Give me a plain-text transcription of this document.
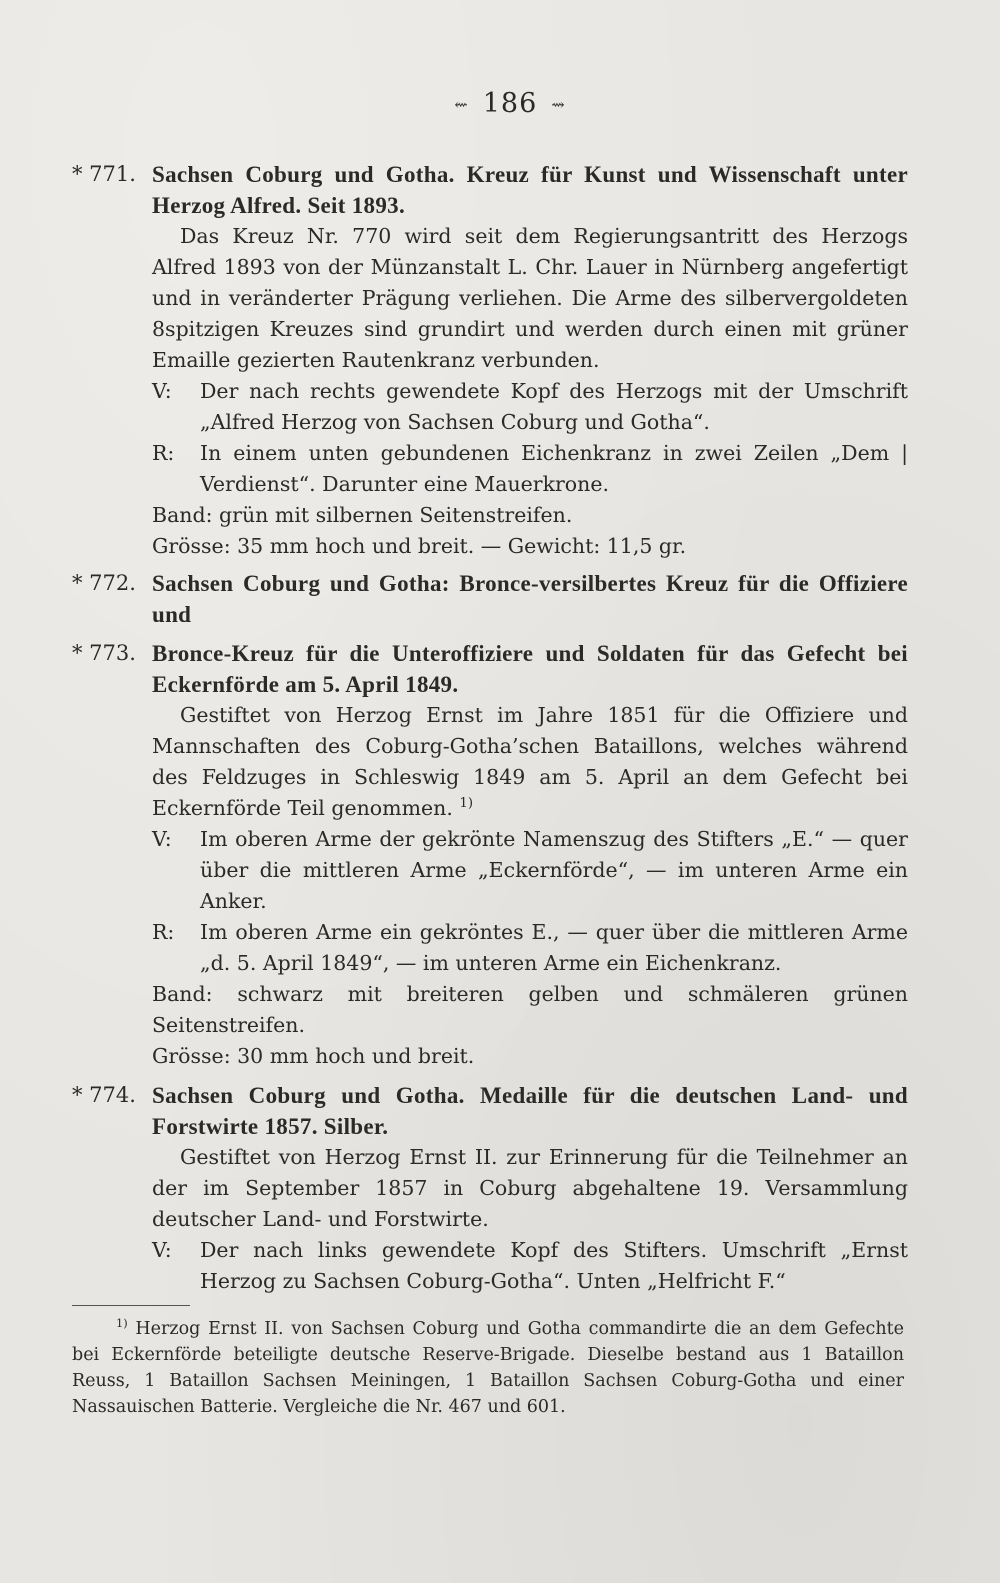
⇜ 186 ⇝
* 771. Sachsen Coburg und Gotha. Kreuz für Kunst und Wissenschaft unter Herzog Alfred. Seit 1893.

Das Kreuz Nr. 770 wird seit dem Regierungsantritt des Herzogs Alfred 1893 von der Münzanstalt L. Chr. Lauer in Nürnberg angefertigt und in veränderter Prägung verliehen. Die Arme des silbervergoldeten 8spitzigen Kreuzes sind grundirt und werden durch einen mit grüner Emaille gezierten Rautenkranz verbunden.

V: Der nach rechts gewendete Kopf des Herzogs mit der Umschrift „Alfred Herzog von Sachsen Coburg und Gotha“.
R: In einem unten gebundenen Eichenkranz in zwei Zeilen „Dem | Verdienst“. Darunter eine Mauerkrone.
Band: grün mit silbernen Seitenstreifen.
Grösse: 35 mm hoch und breit. — Gewicht: 11,5 gr.
* 772. Sachsen Coburg und Gotha: Bronce-versilbertes Kreuz für die Offiziere und
* 773. Bronce-Kreuz für die Unteroffiziere und Soldaten für das Gefecht bei Eckernförde am 5. April 1849.

Gestiftet von Herzog Ernst im Jahre 1851 für die Offiziere und Mannschaften des Coburg-Gotha’schen Bataillons, welches während des Feldzuges in Schleswig 1849 am 5. April an dem Gefecht bei Eckernförde Teil genommen. $^{1)}$

V: Im oberen Arme der gekrönte Namenszug des Stifters „E.“ — quer über die mittleren Arme „Eckernförde“, — im unteren Arme ein Anker.
R: Im oberen Arme ein gekröntes E., — quer über die mittleren Arme „d. 5. April 1849“, — im unteren Arme ein Eichenkranz.
Band: schwarz mit breiteren gelben und schmäleren grünen Seitenstreifen.
Grösse: 30 mm hoch und breit.
* 774. Sachsen Coburg und Gotha. Medaille für die deutschen Land- und Forstwirte 1857. Silber.

Gestiftet von Herzog Ernst II. zur Erinnerung für die Teilnehmer an der im September 1857 in Coburg abgehaltene 19. Versammlung deutscher Land- und Forstwirte.

V: Der nach links gewendete Kopf des Stifters. Umschrift „Ernst Herzog zu Sachsen Coburg-Gotha“. Unten „Helfricht F.“
$^{1)}$ Herzog Ernst II. von Sachsen Coburg und Gotha commandirte die an dem Gefechte bei Eckernförde beteiligte deutsche Reserve-Brigade. Dieselbe bestand aus 1 Bataillon Reuss, 1 Bataillon Sachsen Meiningen, 1 Bataillon Sachsen Coburg-Gotha und einer Nassauischen Batterie. Vergleiche die Nr. 467 und 601.
